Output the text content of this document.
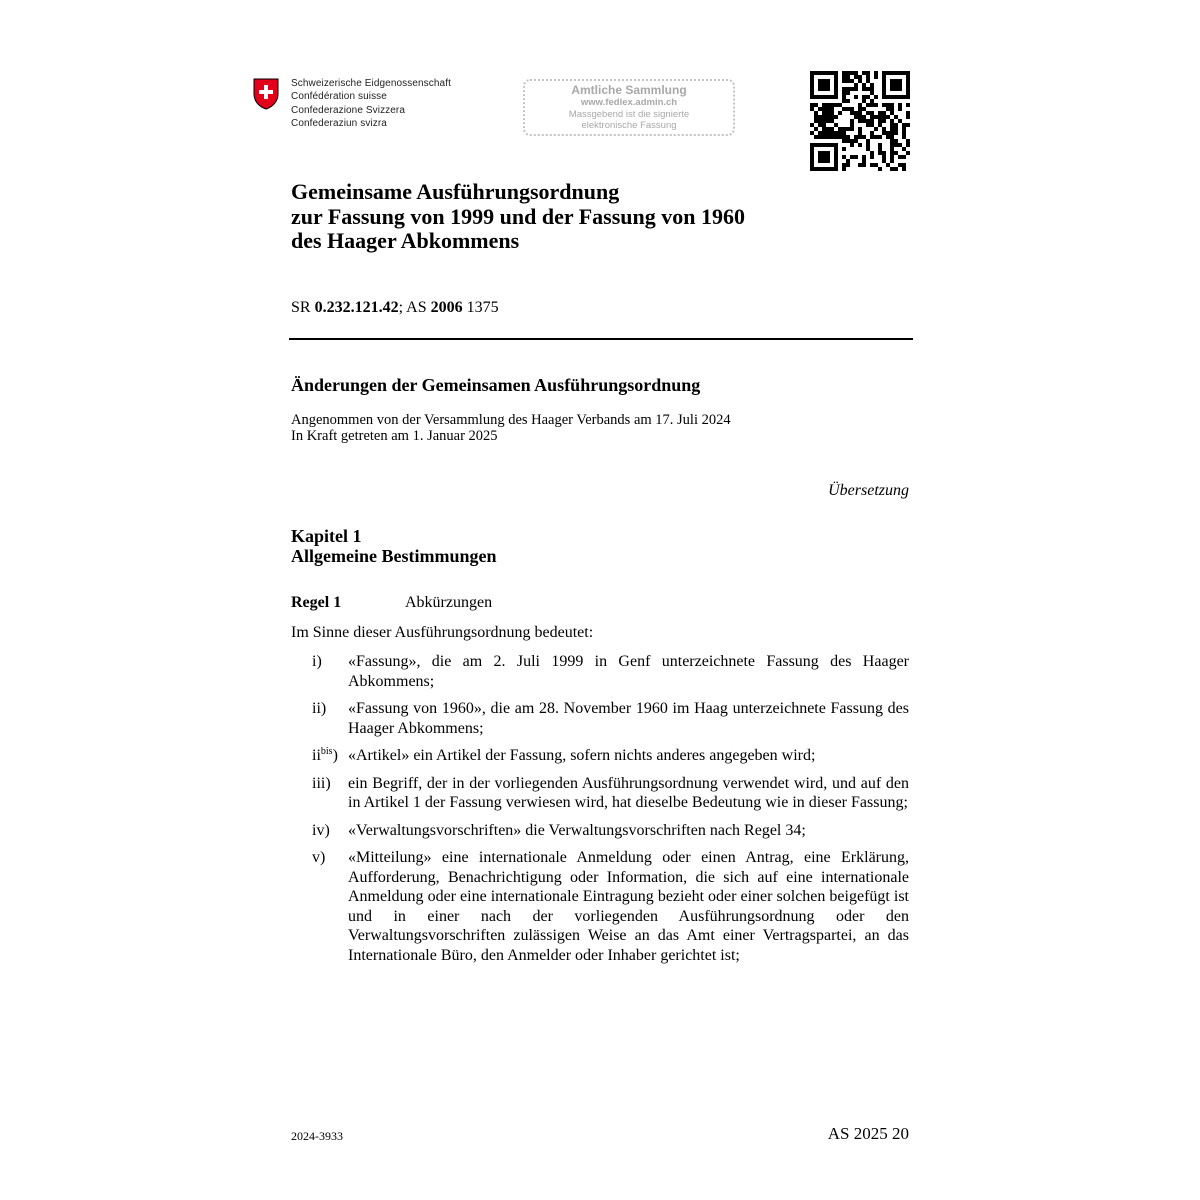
Schweizerische Eidgenossenschaft
Confédération suisse
Confederazione Svizzera
Confederaziun svizra
Amtliche Sammlung
www.fedlex.admin.ch
Massgebend ist die signierte
elektronische Fassung
Gemeinsame Ausführungsordnung
zur Fassung von 1999 und der Fassung von 1960
des Haager Abkommens
SR 0.232.121.42; AS 2006 1375
Änderungen der Gemeinsamen Ausführungsordnung
Angenommen von der Versammlung des Haager Verbands am 17. Juli 2024
In Kraft getreten am 1. Januar 2025
Übersetzung
Kapitel 1
Allgemeine Bestimmungen
Regel 1	Abkürzungen
Im Sinne dieser Ausführungsordnung bedeutet:
i)	«Fassung», die am 2. Juli 1999 in Genf unterzeichnete Fassung des Haager Abkommens;
ii)	«Fassung von 1960», die am 28. November 1960 im Haag unterzeichnete Fassung des Haager Abkommens;
$ii^{bis}$) «Artikel» ein Artikel der Fassung, sofern nichts anderes angegeben wird;
iii)	ein Begriff, der in der vorliegenden Ausführungsordnung verwendet wird, und auf den in Artikel 1 der Fassung verwiesen wird, hat dieselbe Bedeutung wie in dieser Fassung;
iv)	«Verwaltungsvorschriften» die Verwaltungsvorschriften nach Regel 34;
v)	«Mitteilung» eine internationale Anmeldung oder einen Antrag, eine Erklärung, Aufforderung, Benachrichtigung oder Information, die sich auf eine internationale Anmeldung oder eine internationale Eintragung bezieht oder einer solchen beigefügt ist und in einer nach der vorliegenden Ausführungsordnung oder den Verwaltungsvorschriften zulässigen Weise an das Amt einer Vertragspartei, an das Internationale Büro, den Anmelder oder Inhaber gerichtet ist;
2024-3933	AS 2025 20
